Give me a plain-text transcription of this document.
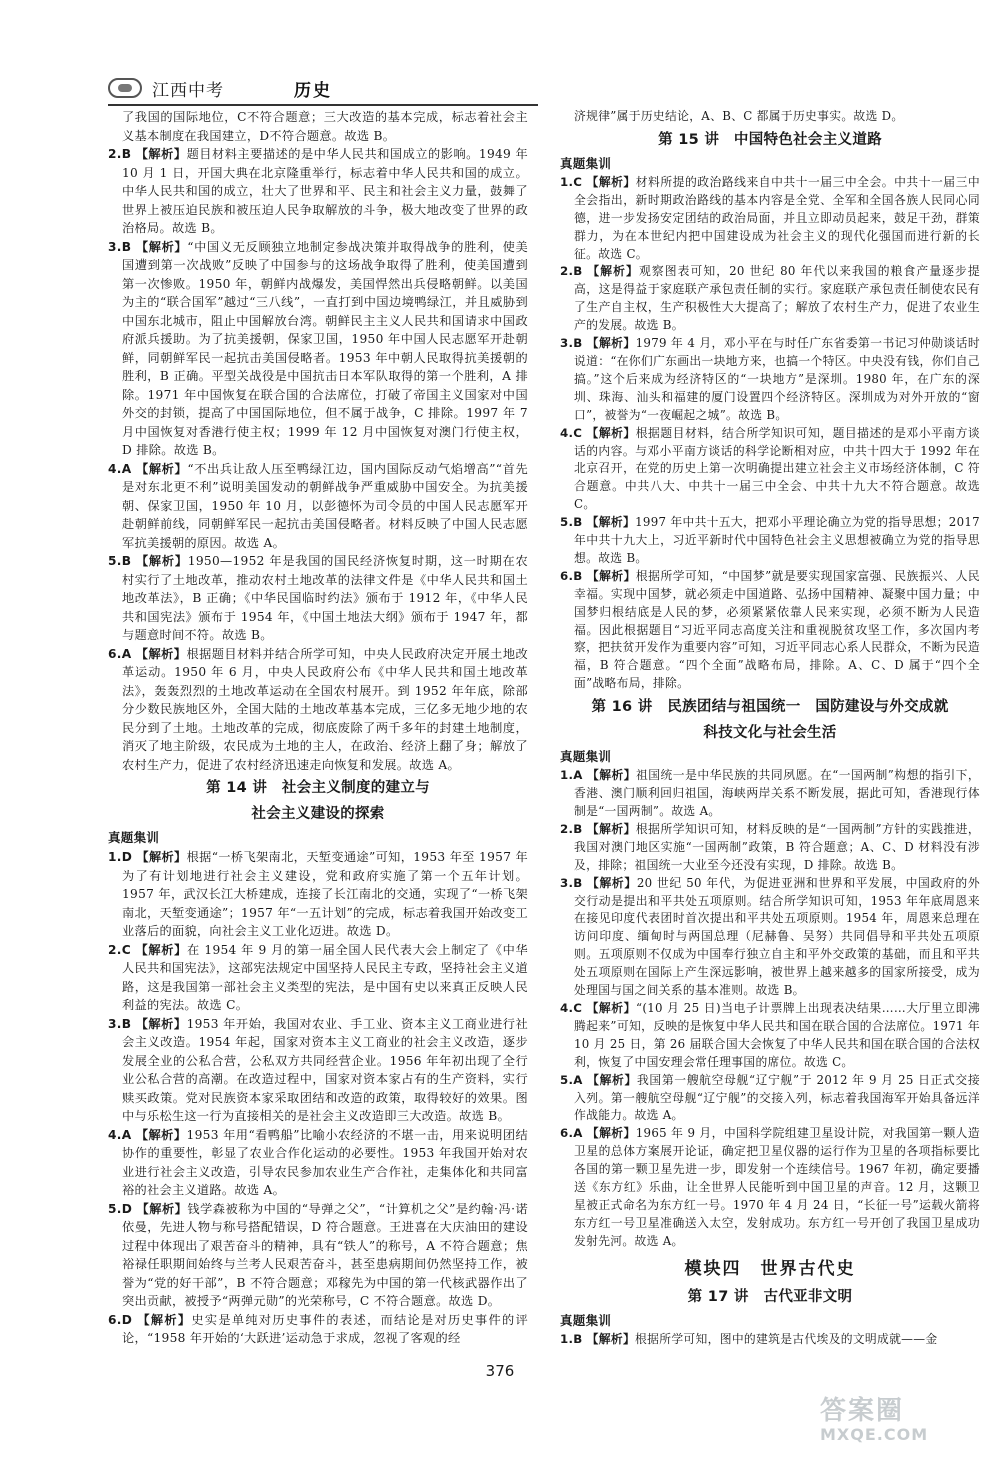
江西中考	历史

了我国的国际地位，C不符合题意；三大改造的基本完成，标志着社会主义基本制度在我国建立，D不符合题意。故选 B。

2.B 【解析】题目材料主要描述的是中华人民共和国成立的影响。1949 年 10 月 1 日，开国大典在北京隆重举行，标志着中华人民共和国的成立。中华人民共和国的成立，壮大了世界和平、民主和社会主义力量，鼓舞了世界上被压迫民族和被压迫人民争取解放的斗争，极大地改变了世界的政治格局。故选 B。

3.B 【解析】“中国义无反顾独立地制定参战决策并取得战争的胜利，使美国遭到第一次战败”反映了中国参与的这场战争取得了胜利，使美国遭到第一次惨败。1950 年，朝鲜内战爆发，美国悍然出兵侵略朝鲜。以美国为主的“联合国军”越过“三八线”，一直打到中国边境鸭绿江，并且威胁到中国东北城市，阻止中国解放台湾。朝鲜民主主义人民共和国请求中国政府派兵援助。为了抗美援朝，保家卫国，1950 年中国人民志愿军开赴朝鲜，同朝鲜军民一起抗击美国侵略者。1953 年中朝人民取得抗美援朝的胜利，B 正确。平型关战役是中国抗击日本军队取得的第一个胜利，A 排除。1971 年中国恢复在联合国的合法席位，打破了帝国主义国家对中国外交的封锁，提高了中国国际地位，但不属于战争，C 排除。1997 年 7 月中国恢复对香港行使主权；1999 年 12 月中国恢复对澳门行使主权，D 排除。故选 B。

4.A 【解析】“不出兵让敌人压至鸭绿江边，国内国际反动气焰增高”“首先是对东北更不利”说明美国发动的朝鲜战争严重威胁中国安全。为抗美援朝、保家卫国，1950 年 10 月，以彭德怀为司令员的中国人民志愿军开赴朝鲜前线，同朝鲜军民一起抗击美国侵略者。材料反映了中国人民志愿军抗美援朝的原因。故选 A。

5.B 【解析】1950—1952 年是我国的国民经济恢复时期，这一时期在农村实行了土地改革，推动农村土地改革的法律文件是《中华人民共和国土地改革法》，B 正确；《中华民国临时约法》颁布于 1912 年，《中华人民共和国宪法》颁布于 1954 年，《中国土地法大纲》颁布于 1947 年，都与题意时间不符。故选 B。

6.A 【解析】根据题目材料并结合所学可知，中央人民政府决定开展土地改革运动。1950 年 6 月，中央人民政府公布《中华人民共和国土地改革法》，轰轰烈烈的土地改革运动在全国农村展开。到 1952 年年底，除部分少数民族地区外，全国大陆的土地改革基本完成，三亿多无地少地的农民分到了土地。土地改革的完成，彻底废除了两千多年的封建土地制度，消灭了地主阶级，农民成为土地的主人，在政治、经济上翻了身；解放了农村生产力，促进了农村经济迅速走向恢复和发展。故选 A。

第 14 讲　社会主义制度的建立与
社会主义建设的探索
真题集训

1.D 【解析】根据“一桥飞架南北，天堑变通途”可知，1953 年至 1957 年为了有计划地进行社会主义建设，党和政府实施了第一个五年计划。1957 年，武汉长江大桥建成，连接了长江南北的交通，实现了“一桥飞架南北，天堑变通途”；1957 年“一五计划”的完成，标志着我国开始改变工业落后的面貌，向社会主义工业化迈进。故选 D。

2.C 【解析】在 1954 年 9 月的第一届全国人民代表大会上制定了《中华人民共和国宪法》，这部宪法规定中国坚持人民民主专政，坚持社会主义道路，这是我国第一部社会主义类型的宪法，是中国有史以来真正反映人民利益的宪法。故选 C。

3.B 【解析】1953 年开始，我国对农业、手工业、资本主义工商业进行社会主义改造。1954 年起，国家对资本主义工商业的社会主义改造，逐步发展全业的公私合营，公私双方共同经营企业。1956 年年初出现了全行业公私合营的高潮。在改造过程中，国家对资本家占有的生产资料，实行赎买政策。党对民族资本家采取团结和改造的政策，取得较好的效果。图中与乐松生这一行为直接相关的是社会主义改造即三大改造。故选 B。

4.A 【解析】1953 年用“看鸭船”比喻小农经济的不堪一击，用来说明团结协作的重要性，彰显了农业合作化运动的必要性。1953 年我国开始对农业进行社会主义改造，引导农民参加农业生产合作社，走集体化和共同富裕的社会主义道路。故选 A。

5.D 【解析】钱学森被称为中国的“导弹之父”，“计算机之父”是约翰·冯·诺依曼，先进人物与称号搭配错误，D 符合题意。王进喜在大庆油田的建设过程中体现出了艰苦奋斗的精神，具有“铁人”的称号，A 不符合题意；焦裕禄任职期间始终与兰考人民艰苦奋斗，甚至患病期间仍然坚持工作，被誉为“党的好干部”，B 不符合题意；邓稼先为中国的第一代核武器作出了突出贡献，被授予“两弹元勋”的光荣称号，C 不符合题意。故选 D。

6.D 【解析】史实是单纯对历史事件的表述，而结论是对历史事件的评论，“1958 年开始的‘大跃进’运动急于求成，忽视了客观的经

济规律”属于历史结论，A、B、C 都属于历史事实。故选 D。

第 15 讲　中国特色社会主义道路
真题集训

1.C 【解析】材料所提的政治路线来自中共十一届三中全会。中共十一届三中全会指出，新时期政治路线的基本内容是全党、全军和全国各族人民同心同德，进一步发扬安定团结的政治局面，并且立即动员起来，鼓足干劲，群策群力，为在本世纪内把中国建设成为社会主义的现代化强国而进行新的长征。故选 C。

2.B 【解析】观察图表可知，20 世纪 80 年代以来我国的粮食产量逐步提高，这是得益于家庭联产承包责任制的实行。家庭联产承包责任制使农民有了生产自主权，生产积极性大大提高了；解放了农村生产力，促进了农业生产的发展。故选 B。

3.B 【解析】1979 年 4 月，邓小平在与时任广东省委第一书记习仲勋谈话时说道：“在你们广东画出一块地方来，也搞一个特区。中央没有钱，你们自己搞。”这个后来成为经济特区的“一块地方”是深圳。1980 年，在广东的深圳、珠海、汕头和福建的厦门设置四个经济特区。深圳成为对外开放的“窗口”，被誉为“一夜崛起之城”。故选 B。

4.C 【解析】根据题目材料，结合所学知识可知，题目描述的是邓小平南方谈话的内容。与邓小平南方谈话的科学论断相对应，中共十四大于 1992 年在北京召开，在党的历史上第一次明确提出建立社会主义市场经济体制，C 符合题意。中共八大、中共十一届三中全会、中共十九大不符合题意。故选 C。

5.B 【解析】1997 年中共十五大，把邓小平理论确立为党的指导思想；2017 年中共十九大上，习近平新时代中国特色社会主义思想被确立为党的指导思想。故选 B。

6.B 【解析】根据所学可知，“中国梦”就是要实现国家富强、民族振兴、人民幸福。实现中国梦，就必须走中国道路、弘扬中国精神、凝聚中国力量；中国梦归根结底是人民的梦，必须紧紧依靠人民来实现，必须不断为人民造福。因此根据题目“习近平同志高度关注和重视脱贫攻坚工作，多次国内考察，把扶贫开发作为重要内容”可知，习近平同志心系人民群众，不断为民造福，B 符合题意。“四个全面”战略布局，排除。A、C、D 属于“四个全面”战略布局，排除。

第 16 讲　民族团结与祖国统一　国防建设与外交成就
科技文化与社会生活
真题集训

1.A 【解析】祖国统一是中华民族的共同夙愿。在“一国两制”构想的指引下，香港、澳门顺利回归祖国，海峡两岸关系不断发展，据此可知，香港现行体制是“一国两制”。故选 A。

2.B 【解析】根据所学知识可知，材料反映的是“一国两制”方针的实践推进，我国对澳门地区实施“一国两制”政策，B 符合题意；A、C、D 材料没有涉及，排除；祖国统一大业至今还没有实现，D 排除。故选 B。

3.B 【解析】20 世纪 50 年代，为促进亚洲和世界和平发展，中国政府的外交行动是提出和平共处五项原则。结合所学知识可知，1953 年年底周恩来在接见印度代表团时首次提出和平共处五项原则。1954 年，周恩来总理在访问印度、缅甸时与两国总理（尼赫鲁、吴努）共同倡导和平共处五项原则。五项原则不仅成为中国奉行独立自主和平外交政策的基础，而且和平共处五项原则在国际上产生深远影响，被世界上越来越多的国家所接受，成为处理国与国之间关系的基本准则。故选 B。

4.C 【解析】“(10 月 25 日)当电子计票牌上出现表决结果……大厅里立即沸腾起来”可知，反映的是恢复中华人民共和国在联合国的合法席位。1971 年 10 月 25 日，第 26 届联合国大会恢复了中华人民共和国在联合国的合法权利，恢复了中国安理会常任理事国的席位。故选 C。

5.A 【解析】我国第一艘航空母舰“辽宁舰”于 2012 年 9 月 25 日正式交接入列。第一艘航空母舰“辽宁舰”的交接入列，标志着我国海军开始具备远洋作战能力。故选 A。

6.A 【解析】1965 年 9 月，中国科学院组建卫星设计院，对我国第一颗人造卫星的总体方案展开论证，确定把卫星仪器的运行作为卫星的各项指标要比各国的第一颗卫星先进一步，即发射一个连续信号。1967 年初，确定要播送《东方红》乐曲，让全世界人民能听到中国卫星的声音。12 月，这颗卫星被正式命名为东方红一号。1970 年 4 月 24 日，“长征一号”运载火箭将东方红一号卫星准确送入太空，发射成功。东方红一号开创了我国卫星成功发射先河。故选 A。

模块四　世界古代史
第 17 讲　古代亚非文明
真题集训

1.B 【解析】根据所学可知，图中的建筑是古代埃及的文明成就——金

376
答案圈
MXQE.COM
